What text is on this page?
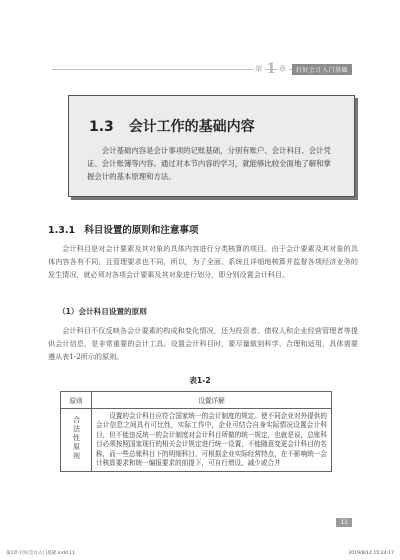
第 1 章	打好会计入门基础
1.3 会计工作的基础内容
会计基础内容是会计事项的记账基础，分别有账户、会计科目、会计凭证、会计账簿等内容。通过对本节内容的学习，就能够比较全面地了解和掌握会计的基本原理和方法。
1.3.1 科目设置的原则和注意事项
会计科目是对会计要素及其对象的具体内容进行分类核算的项目。由于会计要素及其对象的具体内容各有不同，且管理要求也不同，所以，为了全面、系统且详细地核算并监督各项经济业务的发生情况，就必须对各项会计要素及其对象进行划分，即分别设置会计科目。
（1）会计科目设置的原则
会计科目不仅反映各会计要素的构成和变化情况，还为投资者、债权人和企业经营管理者等提供会计信息，是非常重要的会计工具。设置会计科目时，要尽量做到科学、合理和适用，具体需要遵从表1-2所示的原则。
表1-2
原则	设置详解
合法性原则	设置的会计科目应符合国家统一的会计制度的规定。使不同企业对外提供的会计信息之间具有可比性，实际工作中，企业可结合自身实际情况设置会计科目，但不能违反统一的会计制度对会计科目所做的统一规定，也就是说，总账科目必须按照国家现行的相关会计规定进行统一设置，不能随意变更会计科目的名称，而一些总账科目下的明细科目，可根据企业实际经营特点，在不影响统一会计核算要求和统一编报要求的前提下，可自行增设、减少或合并
11
第1章 打好会计入门基础.indd 11	2019/8/14 15:24:17
